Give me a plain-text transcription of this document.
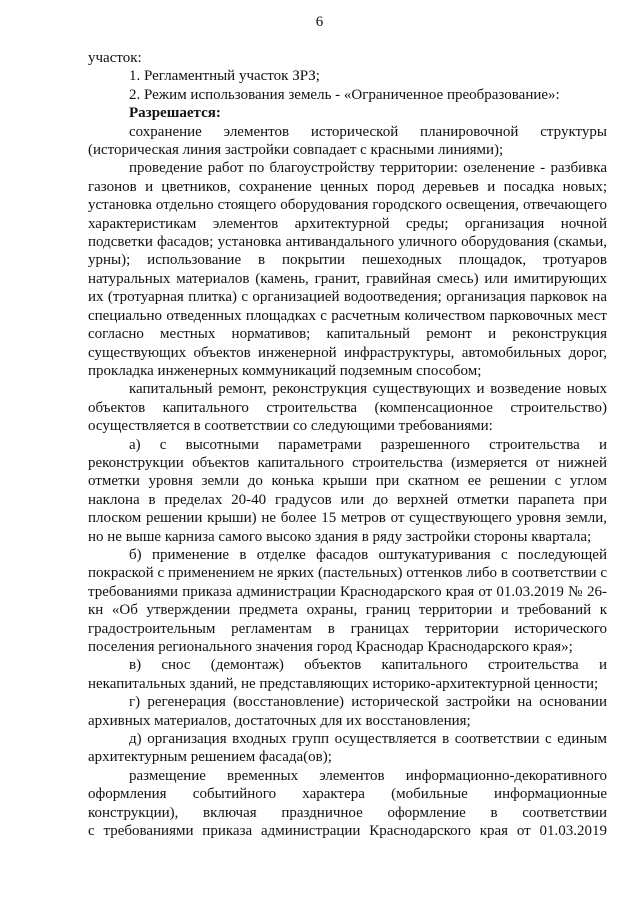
6

участок:

1. Регламентный участок ЗРЗ;

2. Режим использования земель - «Ограниченное преобразование»:

Разрешается:

сохранение элементов исторической планировочной структуры (историческая линия застройки совпадает с красными линиями);

проведение работ по благоустройству территории: озеленение - разбивка газонов и цветников, сохранение ценных пород деревьев и посадка новых; установка отдельно стоящего оборудования городского освещения, отвечающего характеристикам элементов архитектурной среды; организация ночной подсветки фасадов; установка антивандального уличного оборудования (скамьи, урны); использование в покрытии пешеходных площадок, тротуаров натуральных материалов (камень, гранит, гравийная смесь) или имитирующих их (тротуарная плитка) с организацией водоотведения; организация парковок на специально отведенных площадках с расчетным количеством парковочных мест согласно местных нормативов; капитальный ремонт и реконструкция существующих объектов инженерной инфраструктуры, автомобильных дорог, прокладка инженерных коммуникаций подземным способом;

капитальный ремонт, реконструкция существующих и возведение новых объектов капитального строительства (компенсационное строительство) осуществляется в соответствии со следующими требованиями:

а) с высотными параметрами разрешенного строительства и реконструкции объектов капитального строительства (измеряется от нижней отметки уровня земли до конька крыши при скатном ее решении с углом наклона в пределах 20-40 градусов или до верхней отметки парапета при плоском решении крыши) не более 15 метров от существующего уровня земли, но не выше карниза самого высоко здания в ряду застройки стороны квартала;

б) применение в отделке фасадов оштукатуривания с последующей покраской с применением не ярких (пастельных) оттенков либо в соответствии с требованиями приказа администрации Краснодарского края от 01.03.2019 № 26-кн «Об утверждении предмета охраны, границ территории и требований к градостроительным регламентам в границах территории исторического поселения регионального значения город Краснодар Краснодарского края»;

в) снос (демонтаж) объектов капитального строительства и некапитальных зданий, не представляющих историко-архитектурной ценности;

г) регенерация (восстановление) исторической застройки на основании архивных материалов, достаточных для их восстановления;

д) организация входных групп осуществляется в соответствии с единым архитектурным решением фасада(ов);

размещение временных элементов информационно-декоративного оформления событийного характера (мобильные информационные конструкции), включая праздничное оформление в соответствии

с требованиями приказа администрации Краснодарского края от 01.03.2019
